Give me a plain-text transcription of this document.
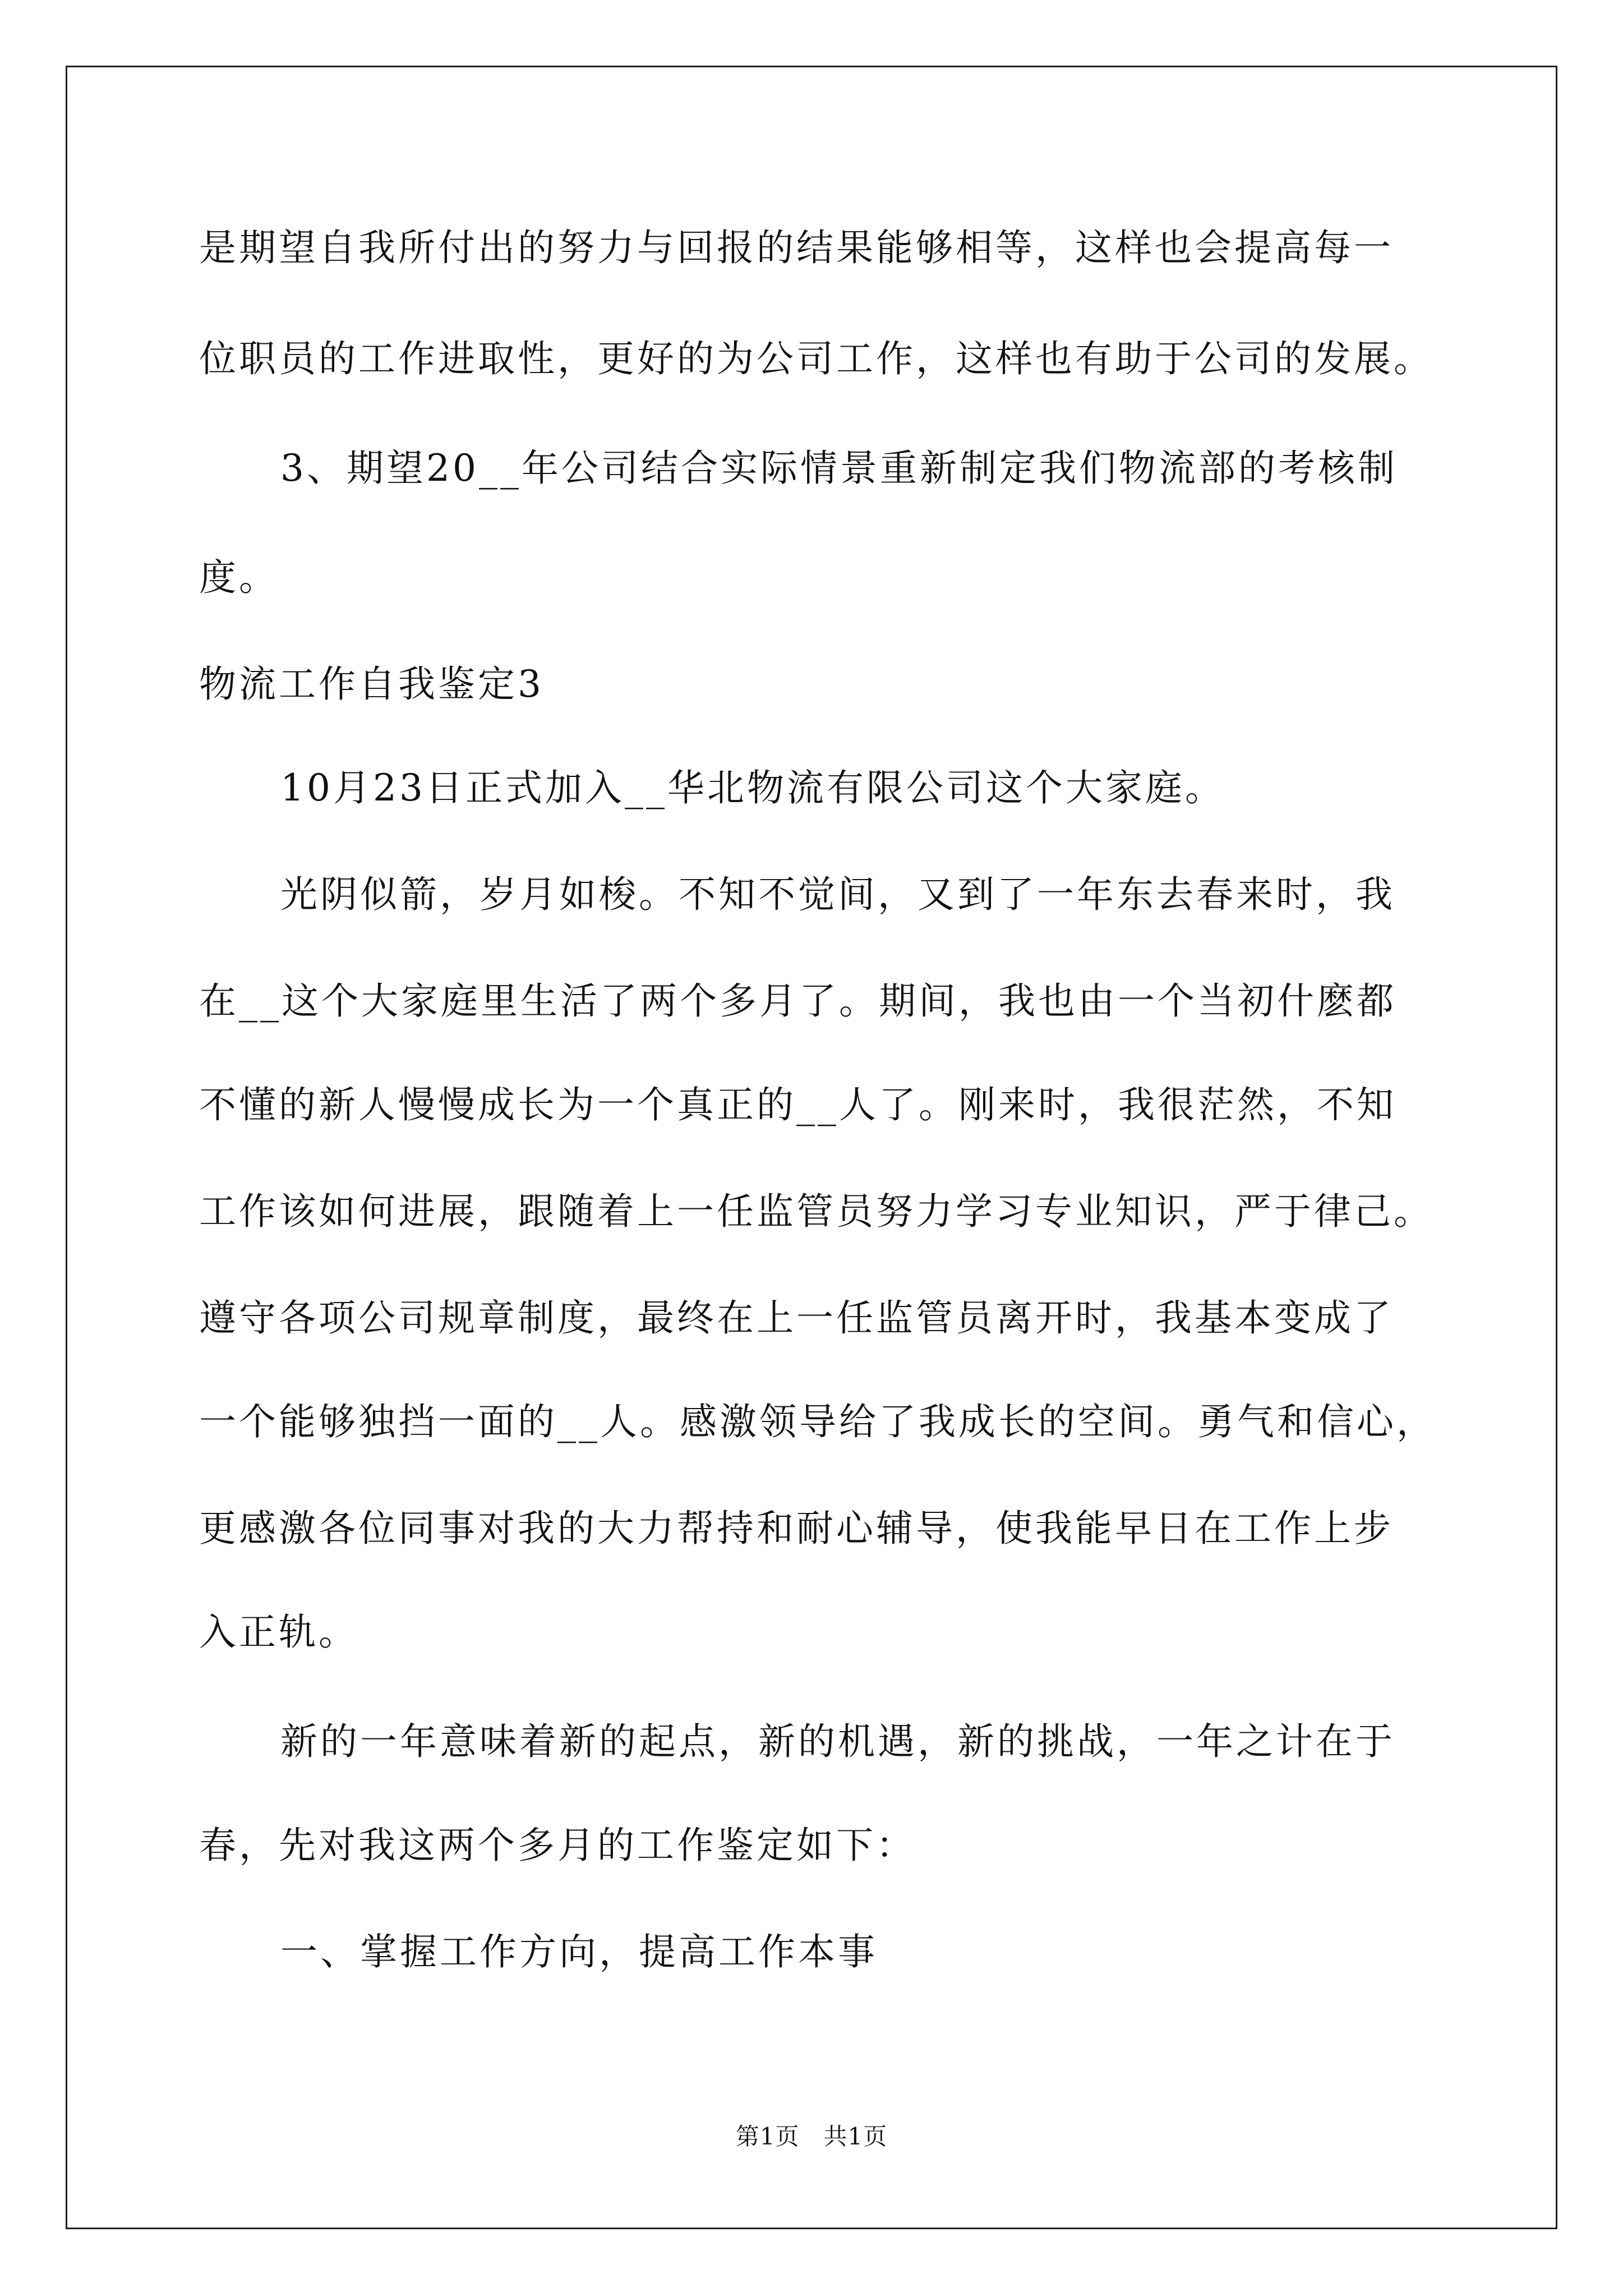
是期望自我所付出的努力与回报的结果能够相等，这样也会提高每一
位职员的工作进取性，更好的为公司工作，这样也有助于公司的发展。
3、期望20__年公司结合实际情景重新制定我们物流部的考核制
度。
物流工作自我鉴定3
10月23日正式加入__华北物流有限公司这个大家庭。
光阴似箭，岁月如梭。不知不觉间，又到了一年东去春来时，我
在__这个大家庭里生活了两个多月了。期间，我也由一个当初什麽都
不懂的新人慢慢成长为一个真正的__人了。刚来时，我很茫然，不知
工作该如何进展，跟随着上一任监管员努力学习专业知识，严于律己。
遵守各项公司规章制度，最终在上一任监管员离开时，我基本变成了
一个能够独挡一面的__人。感激领导给了我成长的空间。勇气和信心，
更感激各位同事对我的大力帮持和耐心辅导，使我能早日在工作上步
入正轨。
新的一年意味着新的起点，新的机遇，新的挑战，一年之计在于
春，先对我这两个多月的工作鉴定如下：
一、掌握工作方向，提高工作本事
第1页　共1页
